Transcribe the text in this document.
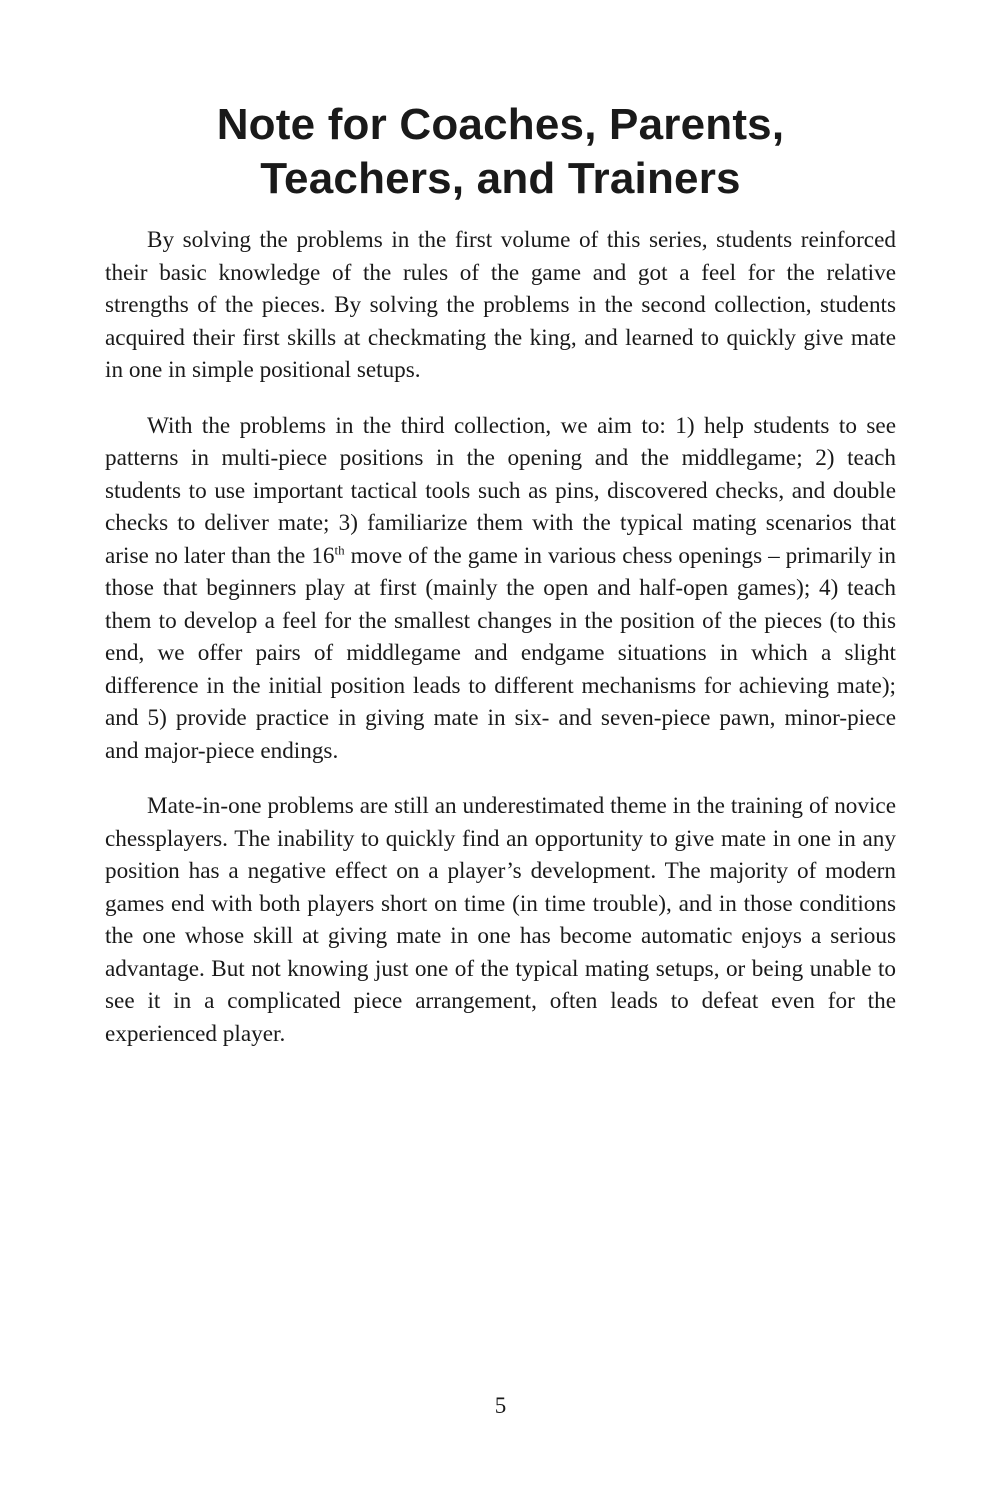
Note for Coaches, Parents,
Teachers, and Trainers

By solving the problems in the first volume of this series, students reinforced their basic knowledge of the rules of the game and got a feel for the relative strengths of the pieces. By solving the problems in the second collection, students acquired their first skills at checkmating the king, and learned to quickly give mate in one in simple positional setups.

With the problems in the third collection, we aim to: 1) help students to see patterns in multi-piece positions in the opening and the middlegame; 2) teach students to use important tactical tools such as pins, discovered checks, and double checks to deliver mate; 3) familiarize them with the typical mating scenarios that arise no later than the 16th move of the game in various chess openings – primarily in those that beginners play at first (mainly the open and half-open games); 4) teach them to develop a feel for the smallest changes in the position of the pieces (to this end, we offer pairs of middlegame and endgame situations in which a slight difference in the initial position leads to different mechanisms for achieving mate); and 5) provide practice in giving mate in six- and seven-piece pawn, minor-piece and major-piece endings.

Mate-in-one problems are still an underestimated theme in the training of novice chessplayers. The inability to quickly find an opportunity to give mate in one in any position has a negative effect on a player’s development. The majority of modern games end with both players short on time (in time trouble), and in those conditions the one whose skill at giving mate in one has become automatic enjoys a serious advantage. But not knowing just one of the typical mating setups, or being unable to see it in a complicated piece arrangement, often leads to defeat even for the experienced player.

5
